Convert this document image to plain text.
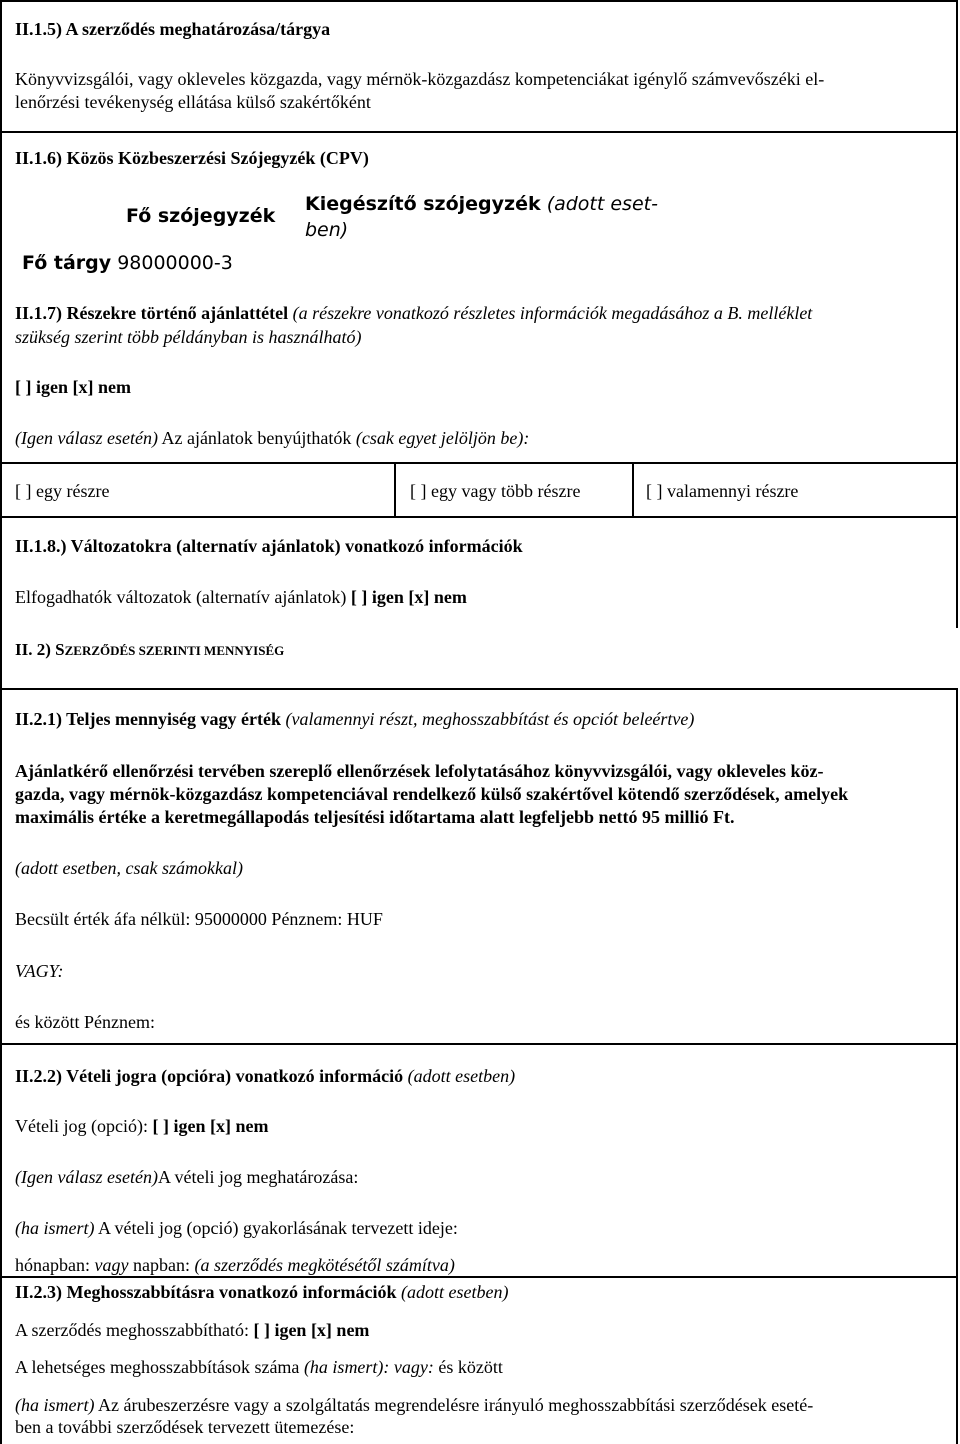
II.1.5) A szerződés meghatározása/tárgya
Könyvvizsgálói, vagy okleveles közgazda, vagy mérnök-közgazdász kompetenciákat igénylő számvevőszéki el-
lenőrzési tevékenység ellátása külső szakértőként
II.1.6) Közös Közbeszerzési Szójegyzék (CPV)
Fő szójegyzék
Kiegészítő szójegyzék (adott eset-
ben)
Fő tárgy 98000000-3
II.1.7) Részekre történő ajánlattétel (a részekre vonatkozó részletes információk megadásához a B. melléklet
szükség szerint több példányban is használható)
[ ] igen [x] nem
(Igen válasz esetén) Az ajánlatok benyújthatók (csak egyet jelöljön be):
[ ] egy részre	[ ] egy vagy több részre	[ ] valamennyi részre
II.1.8.) Változatokra (alternatív ajánlatok) vonatkozó információk
Elfogadhatók változatok (alternatív ajánlatok) [ ] igen [x] nem
II. 2) SZERZŐDÉS SZERINTI MENNYISÉG
II.2.1) Teljes mennyiség vagy érték (valamennyi részt, meghosszabbítást és opciót beleértve)
Ajánlatkérő ellenőrzési tervében szereplő ellenőrzések lefolytatásához könyvvizsgálói, vagy okleveles köz-
gazda, vagy mérnök-közgazdász kompetenciával rendelkező külső szakértővel kötendő szerződések, amelyek
maximális értéke a keretmegállapodás teljesítési időtartama alatt legfeljebb nettó 95 millió Ft.
(adott esetben, csak számokkal)
Becsült érték áfa nélkül: 95000000 Pénznem: HUF
VAGY:
és között Pénznem:
II.2.2) Vételi jogra (opcióra) vonatkozó információ (adott esetben)
Vételi jog (opció): [ ] igen [x] nem
(Igen válasz esetén)A vételi jog meghatározása:
(ha ismert) A vételi jog (opció) gyakorlásának tervezett ideje:
hónapban: vagy napban: (a szerződés megkötésétől számítva)
II.2.3) Meghosszabbításra vonatkozó információk (adott esetben)
A szerződés meghosszabbítható: [ ] igen [x] nem
A lehetséges meghosszabbítások száma (ha ismert): vagy: és között
(ha ismert) Az árubeszerzésre vagy a szolgáltatás megrendelésre irányuló meghosszabbítási szerződések eseté-
ben a további szerződések tervezett ütemezése:
